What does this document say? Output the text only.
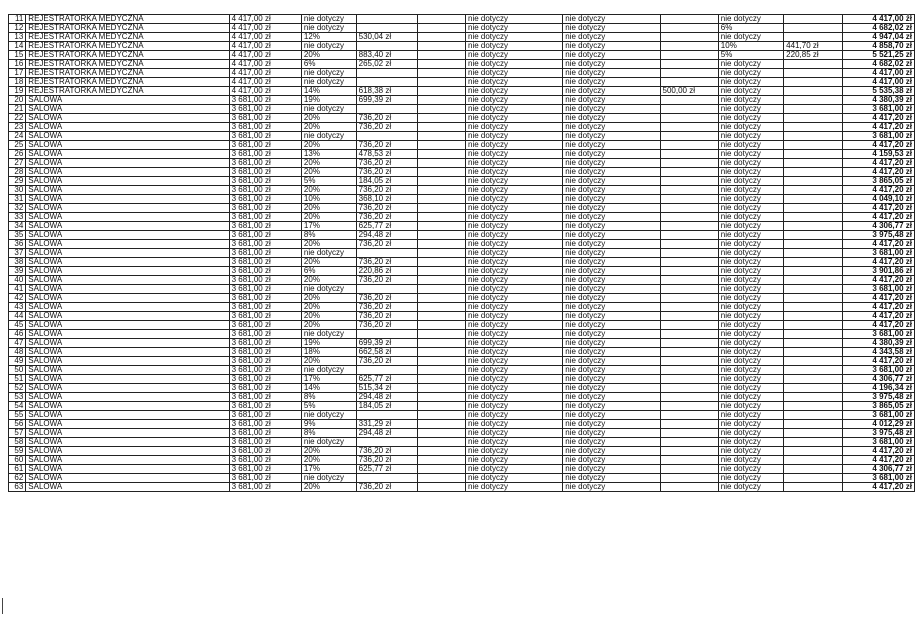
11	REJESTRATORKA MEDYCZNA	4 417,00 zł	nie dotyczy			nie dotyczy	nie dotyczy		nie dotyczy		4 417,00 zł
12	REJESTRATORKA MEDYCZNA	4 417,00 zł	nie dotyczy			nie dotyczy	nie dotyczy		6%		4 682,02 zł
13	REJESTRATORKA MEDYCZNA	4 417,00 zł	12%	530,04 zł		nie dotyczy	nie dotyczy		nie dotyczy		4 947,04 zł
14	REJESTRATORKA MEDYCZNA	4 417,00 zł	nie dotyczy			nie dotyczy	nie dotyczy		10%	441,70 zł	4 858,70 zł
15	REJESTRATORKA MEDYCZNA	4 417,00 zł	20%	883,40 zł		nie dotyczy	nie dotyczy		5%	220,85 zł	5 521,25 zł
16	REJESTRATORKA MEDYCZNA	4 417,00 zł	6%	265,02 zł		nie dotyczy	nie dotyczy		nie dotyczy		4 682,02 zł
17	REJESTRATORKA MEDYCZNA	4 417,00 zł	nie dotyczy			nie dotyczy	nie dotyczy		nie dotyczy		4 417,00 zł
18	REJESTRATORKA MEDYCZNA	4 417,00 zł	nie dotyczy			nie dotyczy	nie dotyczy		nie dotyczy		4 417,00 zł
19	REJESTRATORKA MEDYCZNA	4 417,00 zł	14%	618,38 zł		nie dotyczy	nie dotyczy	500,00 zł	nie dotyczy		5 535,38 zł
20	SALOWA	3 681,00 zł	19%	699,39 zł		nie dotyczy	nie dotyczy		nie dotyczy		4 380,39 zł
21	SALOWA	3 681,00 zł	nie dotyczy			nie dotyczy	nie dotyczy		nie dotyczy		3 681,00 zł
22	SALOWA	3 681,00 zł	20%	736,20 zł		nie dotyczy	nie dotyczy		nie dotyczy		4 417,20 zł
23	SALOWA	3 681,00 zł	20%	736,20 zł		nie dotyczy	nie dotyczy		nie dotyczy		4 417,20 zł
24	SALOWA	3 681,00 zł	nie dotyczy			nie dotyczy	nie dotyczy		nie dotyczy		3 681,00 zł
25	SALOWA	3 681,00 zł	20%	736,20 zł		nie dotyczy	nie dotyczy		nie dotyczy		4 417,20 zł
26	SALOWA	3 681,00 zł	13%	478,53 zł		nie dotyczy	nie dotyczy		nie dotyczy		4 159,53 zł
27	SALOWA	3 681,00 zł	20%	736,20 zł		nie dotyczy	nie dotyczy		nie dotyczy		4 417,20 zł
28	SALOWA	3 681,00 zł	20%	736,20 zł		nie dotyczy	nie dotyczy		nie dotyczy		4 417,20 zł
29	SALOWA	3 681,00 zł	5%	184,05 zł		nie dotyczy	nie dotyczy		nie dotyczy		3 865,05 zł
30	SALOWA	3 681,00 zł	20%	736,20 zł		nie dotyczy	nie dotyczy		nie dotyczy		4 417,20 zł
31	SALOWA	3 681,00 zł	10%	368,10 zł		nie dotyczy	nie dotyczy		nie dotyczy		4 049,10 zł
32	SALOWA	3 681,00 zł	20%	736,20 zł		nie dotyczy	nie dotyczy		nie dotyczy		4 417,20 zł
33	SALOWA	3 681,00 zł	20%	736,20 zł		nie dotyczy	nie dotyczy		nie dotyczy		4 417,20 zł
34	SALOWA	3 681,00 zł	17%	625,77 zł		nie dotyczy	nie dotyczy		nie dotyczy		4 306,77 zł
35	SALOWA	3 681,00 zł	8%	294,48 zł		nie dotyczy	nie dotyczy		nie dotyczy		3 975,48 zł
36	SALOWA	3 681,00 zł	20%	736,20 zł		nie dotyczy	nie dotyczy		nie dotyczy		4 417,20 zł
37	SALOWA	3 681,00 zł	nie dotyczy			nie dotyczy	nie dotyczy		nie dotyczy		3 681,00 zł
38	SALOWA	3 681,00 zł	20%	736,20 zł		nie dotyczy	nie dotyczy		nie dotyczy		4 417,20 zł
39	SALOWA	3 681,00 zł	6%	220,86 zł		nie dotyczy	nie dotyczy		nie dotyczy		3 901,86 zł
40	SALOWA	3 681,00 zł	20%	736,20 zł		nie dotyczy	nie dotyczy		nie dotyczy		4 417,20 zł
41	SALOWA	3 681,00 zł	nie dotyczy			nie dotyczy	nie dotyczy		nie dotyczy		3 681,00 zł
42	SALOWA	3 681,00 zł	20%	736,20 zł		nie dotyczy	nie dotyczy		nie dotyczy		4 417,20 zł
43	SALOWA	3 681,00 zł	20%	736,20 zł		nie dotyczy	nie dotyczy		nie dotyczy		4 417,20 zł
44	SALOWA	3 681,00 zł	20%	736,20 zł		nie dotyczy	nie dotyczy		nie dotyczy		4 417,20 zł
45	SALOWA	3 681,00 zł	20%	736,20 zł		nie dotyczy	nie dotyczy		nie dotyczy		4 417,20 zł
46	SALOWA	3 681,00 zł	nie dotyczy			nie dotyczy	nie dotyczy		nie dotyczy		3 681,00 zł
47	SALOWA	3 681,00 zł	19%	699,39 zł		nie dotyczy	nie dotyczy		nie dotyczy		4 380,39 zł
48	SALOWA	3 681,00 zł	18%	662,58 zł		nie dotyczy	nie dotyczy		nie dotyczy		4 343,58 zł
49	SALOWA	3 681,00 zł	20%	736,20 zł		nie dotyczy	nie dotyczy		nie dotyczy		4 417,20 zł
50	SALOWA	3 681,00 zł	nie dotyczy			nie dotyczy	nie dotyczy		nie dotyczy		3 681,00 zł
51	SALOWA	3 681,00 zł	17%	625,77 zł		nie dotyczy	nie dotyczy		nie dotyczy		4 306,77 zł
52	SALOWA	3 681,00 zł	14%	515,34 zł		nie dotyczy	nie dotyczy		nie dotyczy		4 196,34 zł
53	SALOWA	3 681,00 zł	8%	294,48 zł		nie dotyczy	nie dotyczy		nie dotyczy		3 975,48 zł
54	SALOWA	3 681,00 zł	5%	184,05 zł		nie dotyczy	nie dotyczy		nie dotyczy		3 865,05 zł
55	SALOWA	3 681,00 zł	nie dotyczy			nie dotyczy	nie dotyczy		nie dotyczy		3 681,00 zł
56	SALOWA	3 681,00 zł	9%	331,29 zł		nie dotyczy	nie dotyczy		nie dotyczy		4 012,29 zł
57	SALOWA	3 681,00 zł	8%	294,48 zł		nie dotyczy	nie dotyczy		nie dotyczy		3 975,48 zł
58	SALOWA	3 681,00 zł	nie dotyczy			nie dotyczy	nie dotyczy		nie dotyczy		3 681,00 zł
59	SALOWA	3 681,00 zł	20%	736,20 zł		nie dotyczy	nie dotyczy		nie dotyczy		4 417,20 zł
60	SALOWA	3 681,00 zł	20%	736,20 zł		nie dotyczy	nie dotyczy		nie dotyczy		4 417,20 zł
61	SALOWA	3 681,00 zł	17%	625,77 zł		nie dotyczy	nie dotyczy		nie dotyczy		4 306,77 zł
62	SALOWA	3 681,00 zł	nie dotyczy			nie dotyczy	nie dotyczy		nie dotyczy		3 681,00 zł
63	SALOWA	3 681,00 zł	20%	736,20 zł		nie dotyczy	nie dotyczy		nie dotyczy		4 417,20 zł
